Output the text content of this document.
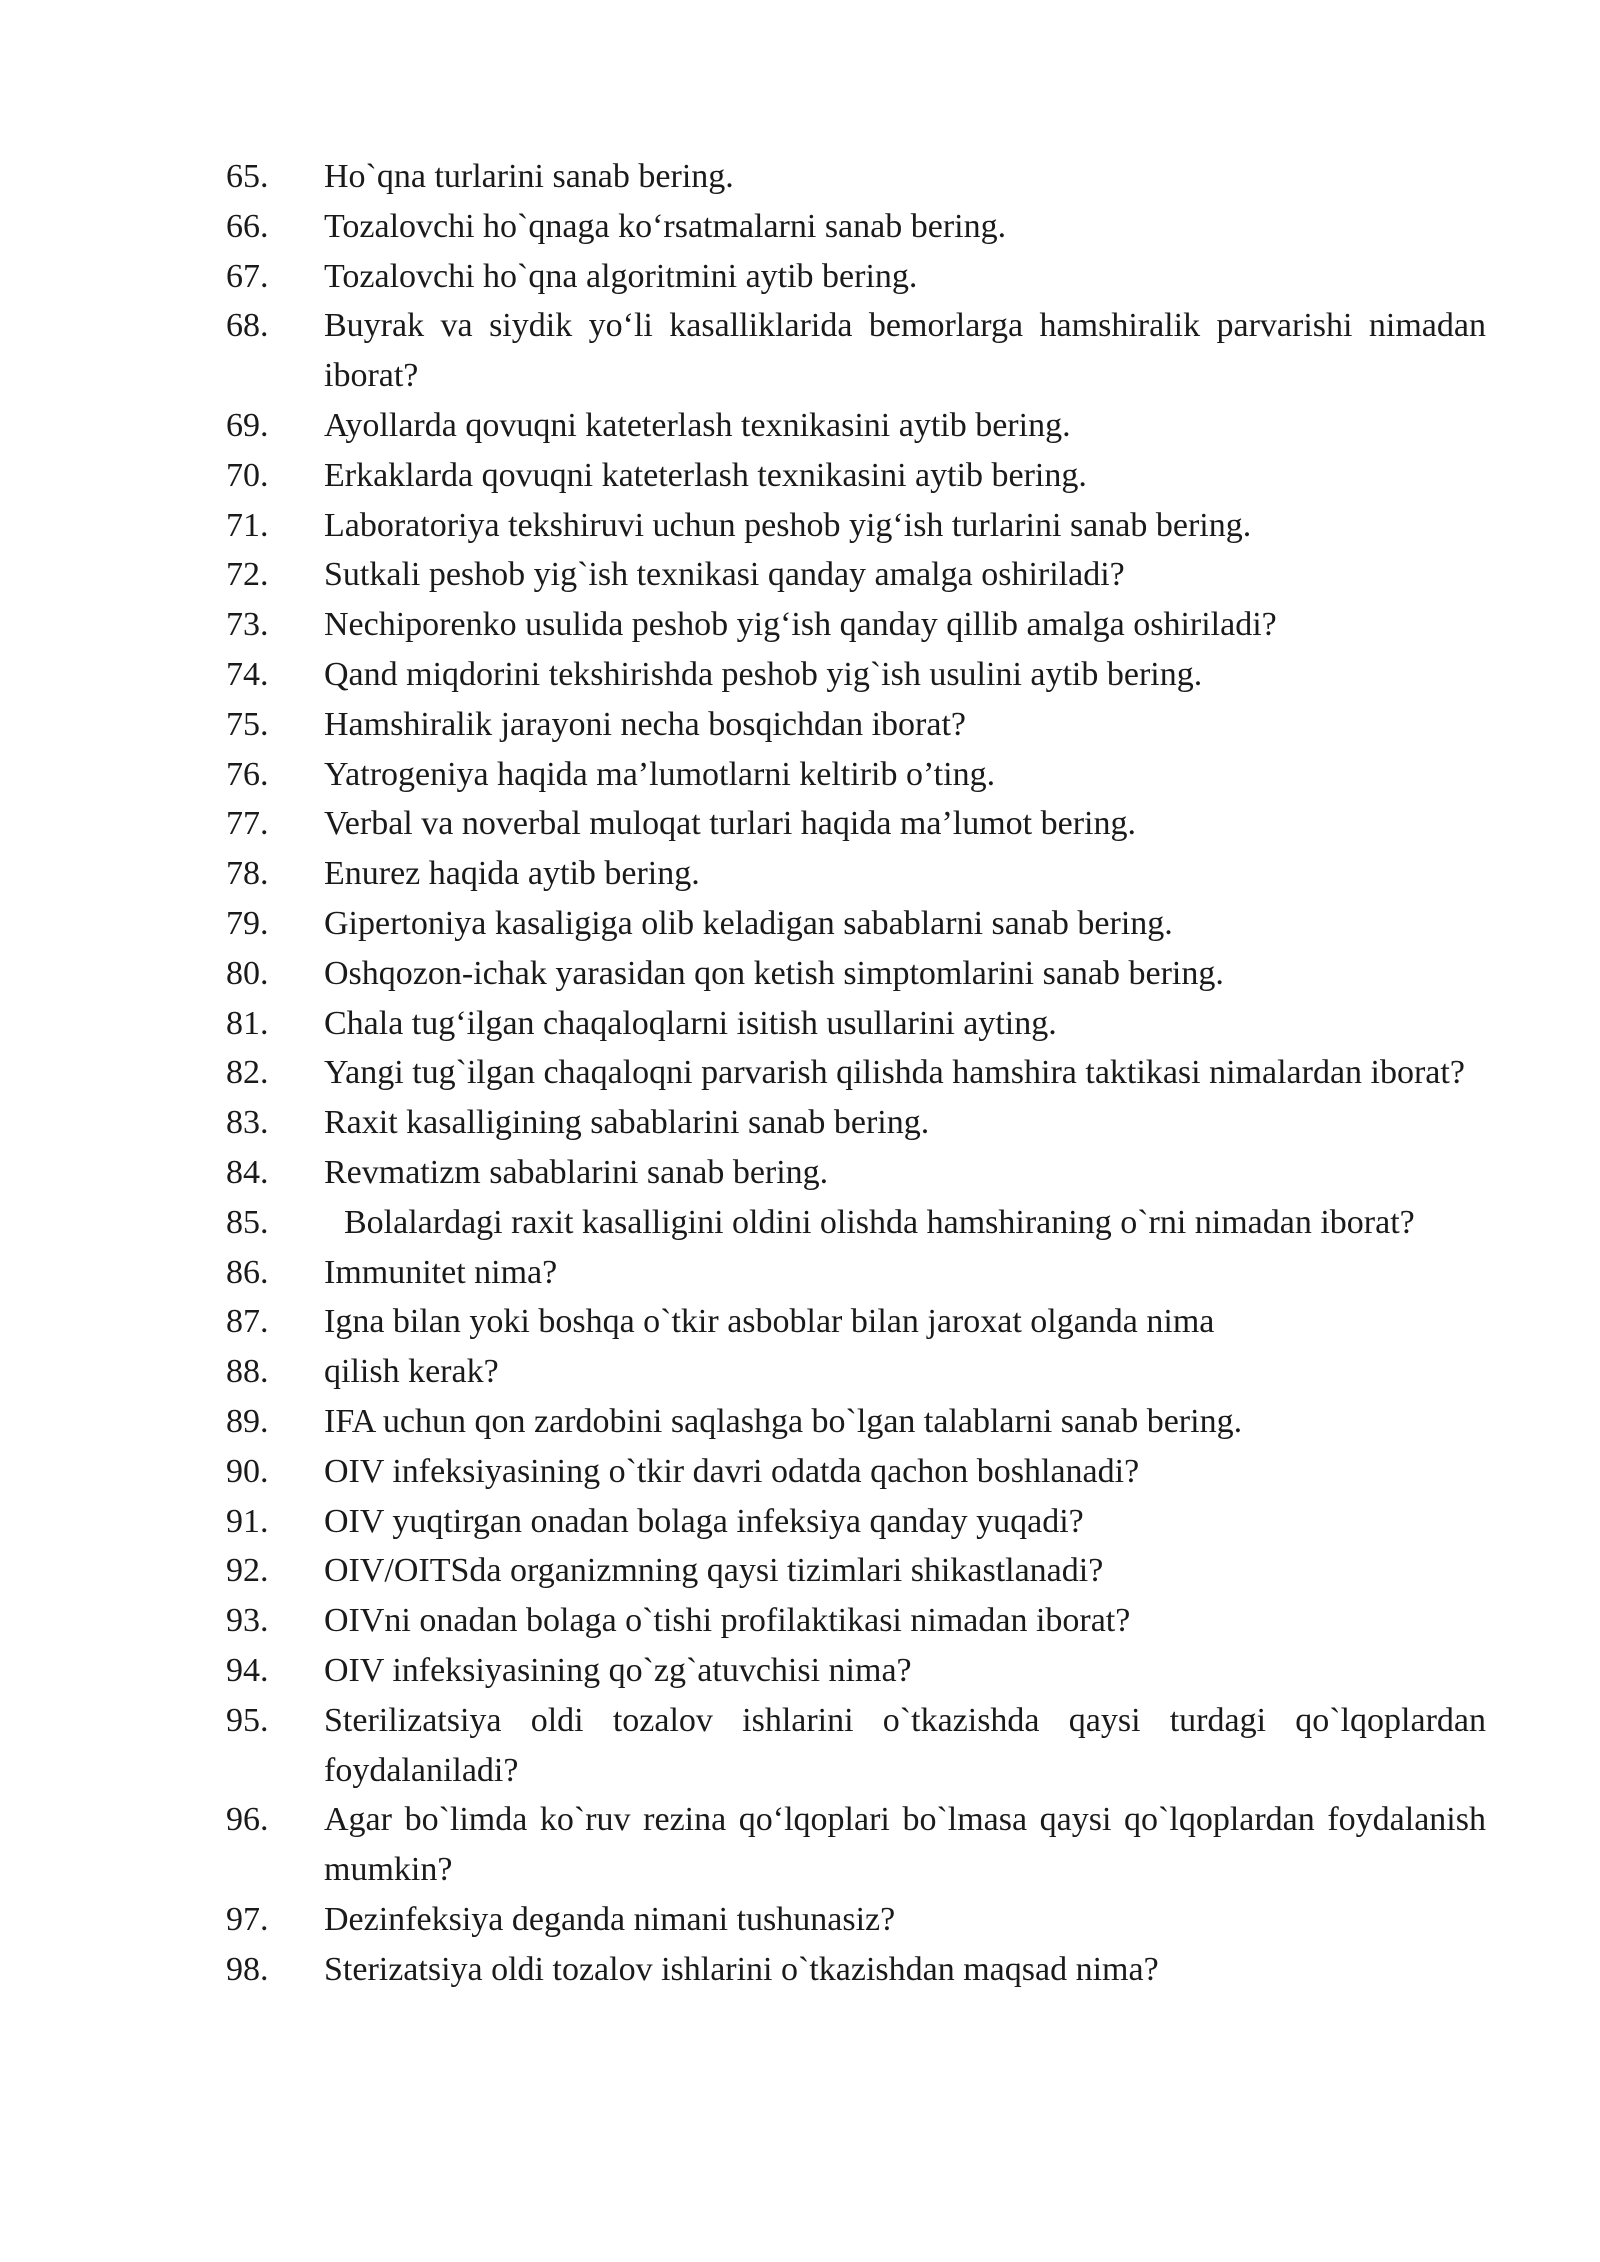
65.	Ho`qna turlarini sanab bering.
66.	Tozalovchi ho`qnaga ko‘rsatmalarni sanab bering.
67.	Tozalovchi ho`qna algoritmini aytib bering.
68.	Buyrak va siydik yo‘li kasalliklarida bemorlarga hamshiralik parvarishi nimadan iborat?
69.	Ayollarda qovuqni kateterlash texnikasini aytib bering.
70.	Erkaklarda qovuqni kateterlash texnikasini aytib bering.
71.	Laboratoriya tekshiruvi uchun peshob yig‘ish turlarini sanab bering.
72.	Sutkali peshob yig`ish texnikasi qanday amalga oshiriladi?
73.	Nechiporenko usulida peshob yig‘ish qanday qillib amalga oshiriladi?
74.	Qand miqdorini tekshirishda peshob yig`ish usulini aytib bering.
75.	Hamshiralik jarayoni necha bosqichdan iborat?
76.	Yatrogeniya haqida ma’lumotlarni keltirib o’ting.
77.	Verbal va noverbal muloqat turlari haqida ma’lumot bering.
78.	Enurez haqida aytib bering.
79.	Gipertoniya kasaligiga olib keladigan sabablarni sanab bering.
80.	Oshqozon-ichak yarasidan qon ketish simptomlarini sanab bering.
81.	Chala tug‘ilgan chaqaloqlarni isitish usullarini ayting.
82.	Yangi tug`ilgan chaqaloqni parvarish qilishda hamshira taktikasi nimalardan iborat?
83.	Raxit kasalligining sabablarini sanab bering.
84.	Revmatizm sabablarini sanab bering.
85.	Bolalardagi raxit kasalligini oldini olishda hamshiraning o`rni nimadan iborat?
86.	Immunitet nima?
87.	Igna bilan yoki boshqa o`tkir asboblar bilan jaroxat olganda nima
88.	qilish kerak?
89.	IFA uchun qon zardobini saqlashga bo`lgan talablarni sanab bering.
90.	OIV infeksiyasining o`tkir davri odatda qachon boshlanadi?
91.	OIV yuqtirgan onadan bolaga infeksiya qanday yuqadi?
92.	OIV/OITSda organizmning qaysi tizimlari shikastlanadi?
93.	OIVni onadan bolaga o`tishi profilaktikasi nimadan iborat?
94.	OIV infeksiyasining qo`zg`atuvchisi nima?
95.	Sterilizatsiya oldi tozalov ishlarini o`tkazishda qaysi turdagi qo`lqoplardan foydalaniladi?
96.	Agar bo`limda ko`ruv rezina qo‘lqoplari bo`lmasa qaysi qo`lqoplardan foydalanish mumkin?
97.	Dezinfeksiya deganda nimani tushunasiz?
98.	Sterizatsiya oldi tozalov ishlarini o`tkazishdan maqsad nima?
